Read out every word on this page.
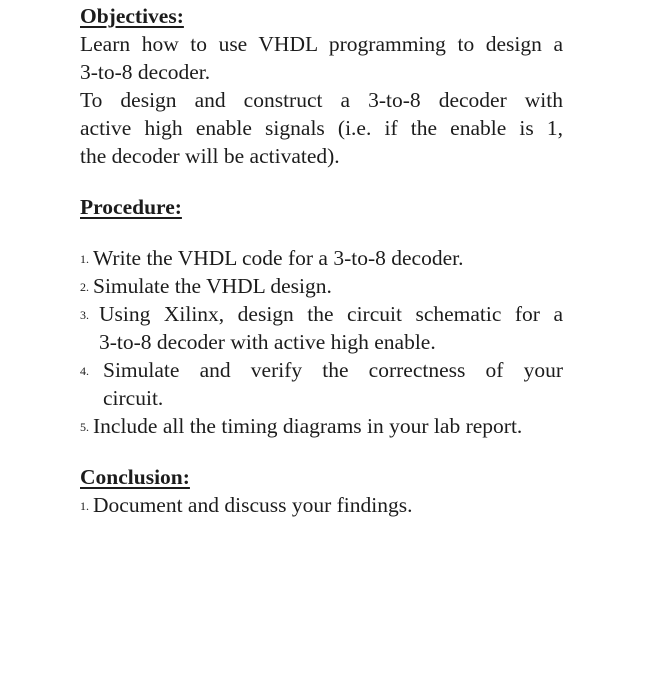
Objectives:
Learn how to use VHDL programming to design a
3-to-8 decoder.
To design and construct a 3-to-8 decoder with
active high enable signals (i.e. if the enable is 1,
the decoder will be activated).
Procedure:
1. Write the VHDL code for a 3-to-8 decoder.
2. Simulate the VHDL design.
3. Using Xilinx, design the circuit schematic for a
3-to-8 decoder with active high enable.
4. Simulate and verify the correctness of your
circuit.
5. Include all the timing diagrams in your lab report.
Conclusion:
1. Document and discuss your findings.
